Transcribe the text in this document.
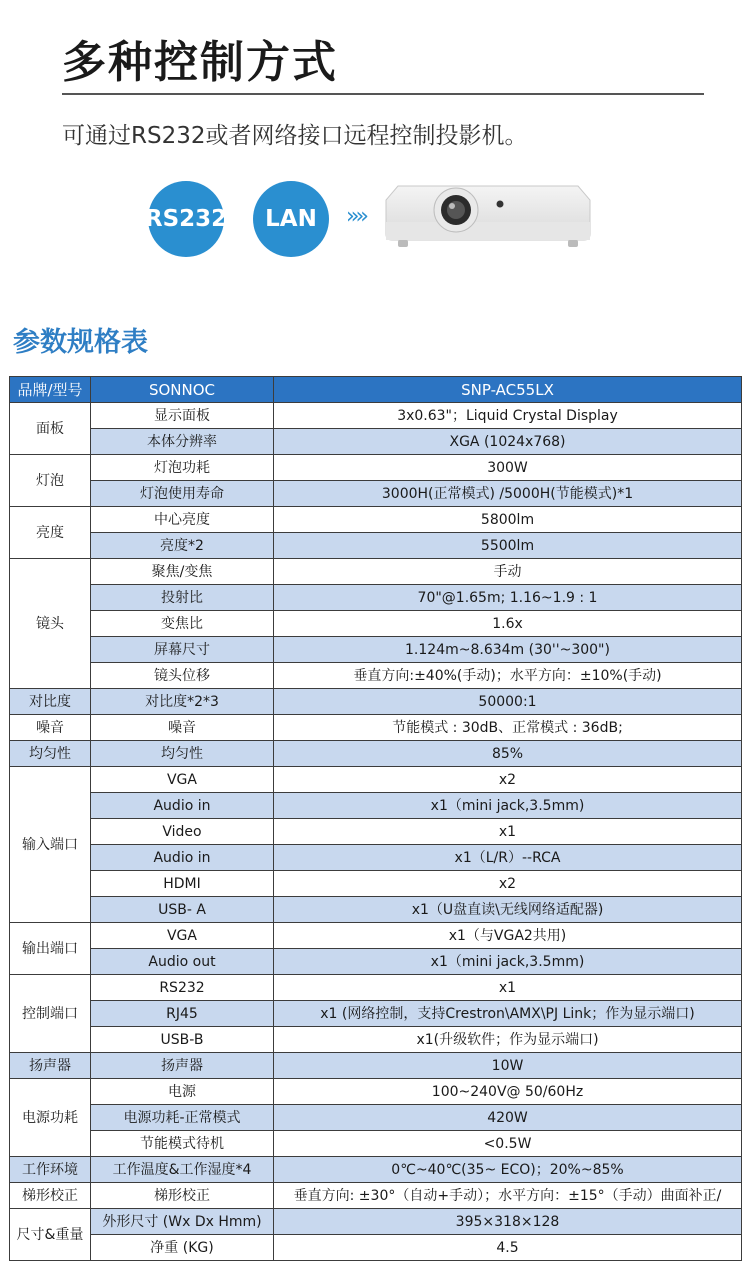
多种控制方式
可通过RS232或者网络接口远程控制投影机。
RS232	LAN	»»
参数规格表
品牌/型号	SONNOC	SNP-AC55LX
面板	显示面板	3x0.63"；Liquid Crystal Display
	本体分辨率	XGA (1024x768)
灯泡	灯泡功耗	300W
	灯泡使用寿命	3000H(正常模式) /5000H(节能模式)*1
亮度	中心亮度	5800lm
	亮度*2	5500lm
镜头	聚焦/变焦	手动
	投射比	70"@1.65m; 1.16~1.9 : 1
	变焦比	1.6x
	屏幕尺寸	1.124m~8.634m (30''~300")
	镜头位移	垂直方向:±40%(手动)；水平方向：±10%(手动)
对比度	对比度*2*3	50000:1
噪音	噪音	节能模式 : 30dB、正常模式 : 36dB;
均匀性	均匀性	85%
输入端口	VGA	x2
	Audio in	x1（mini jack,3.5mm)
	Video	x1
	Audio in	x1（L/R）--RCA
	HDMI	x2
	USB- A	x1（U盘直读\无线网络适配器)
输出端口	VGA	x1（与VGA2共用)
	Audio out	x1（mini jack,3.5mm)
控制端口	RS232	x1
	RJ45	x1 (网络控制，支持Crestron\AMX\PJ Link；作为显示端口)
	USB-B	x1(升级软件；作为显示端口)
扬声器	扬声器	10W
电源功耗	电源	100~240V@ 50/60Hz
	电源功耗-正常模式	420W
	节能模式待机	<0.5W
工作环境	工作温度&工作湿度*4	0℃~40℃(35~ ECO)；20%~85%
梯形校正	梯形校正	垂直方向: ±30°（自动+手动）；水平方向：±15°（手动）曲面补正/
尺寸&重量	外形尺寸 (Wx Dx Hmm)	395×318×128
	净重 (KG)	4.5
